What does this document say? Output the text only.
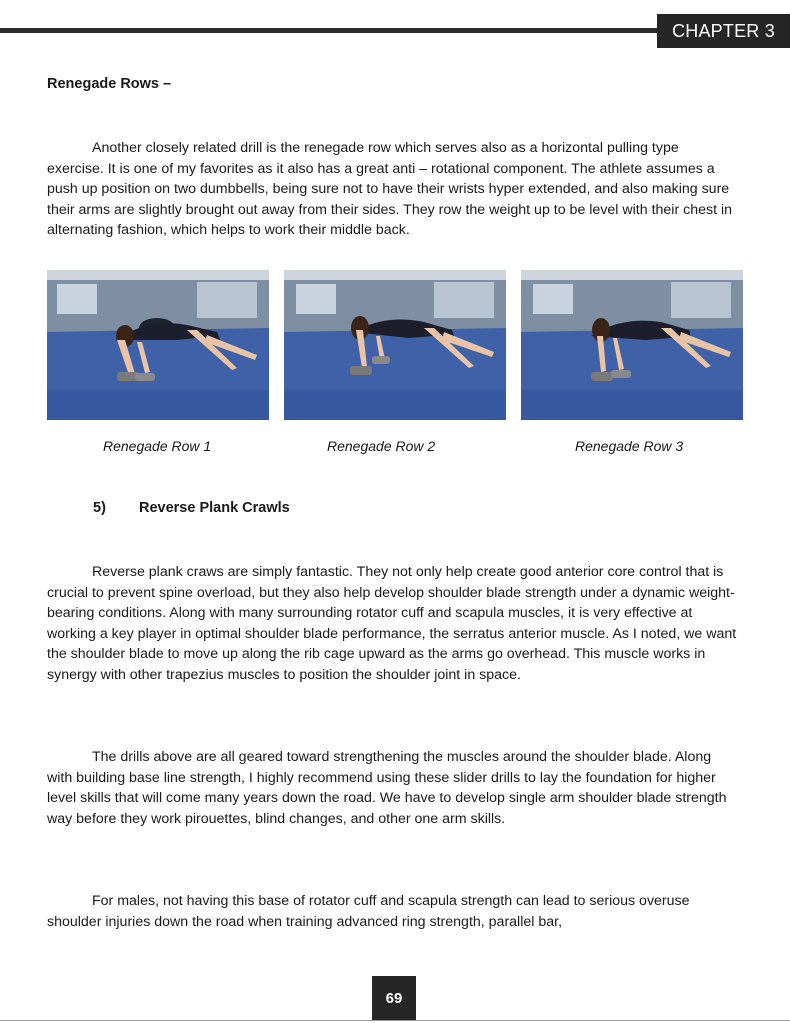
CHAPTER 3
Renegade Rows –

Another closely related drill is the renegade row which serves also as a horizontal pulling type exercise. It is one of my favorites as it also has a great anti – rotational component. The athlete assumes a push up position on two dumbbells, being sure not to have their wrists hyper extended, and also making sure their arms are slightly brought out away from their sides. They row the weight up to be level with their chest in alternating fashion, which helps to work their middle back.

Renegade Row 1	Renegade Row 2	Renegade Row 3
5) Reverse Plank Crawls

Reverse plank craws are simply fantastic. They not only help create good anterior core control that is crucial to prevent spine overload, but they also help develop shoulder blade strength under a dynamic weight-bearing conditions. Along with many surrounding rotator cuff and scapula muscles, it is very effective at working a key player in optimal shoulder blade performance, the serratus anterior muscle. As I noted, we want the shoulder blade to move up along the rib cage upward as the arms go overhead. This muscle works in synergy with other trapezius muscles to position the shoulder joint in space.

The drills above are all geared toward strengthening the muscles around the shoulder blade. Along with building base line strength, I highly recommend using these slider drills to lay the foundation for higher level skills that will come many years down the road. We have to develop single arm shoulder blade strength way before they work pirouettes, blind changes, and other one arm skills.

For males, not having this base of rotator cuff and scapula strength can lead to serious overuse shoulder injuries down the road when training advanced ring strength, parallel bar,

69
